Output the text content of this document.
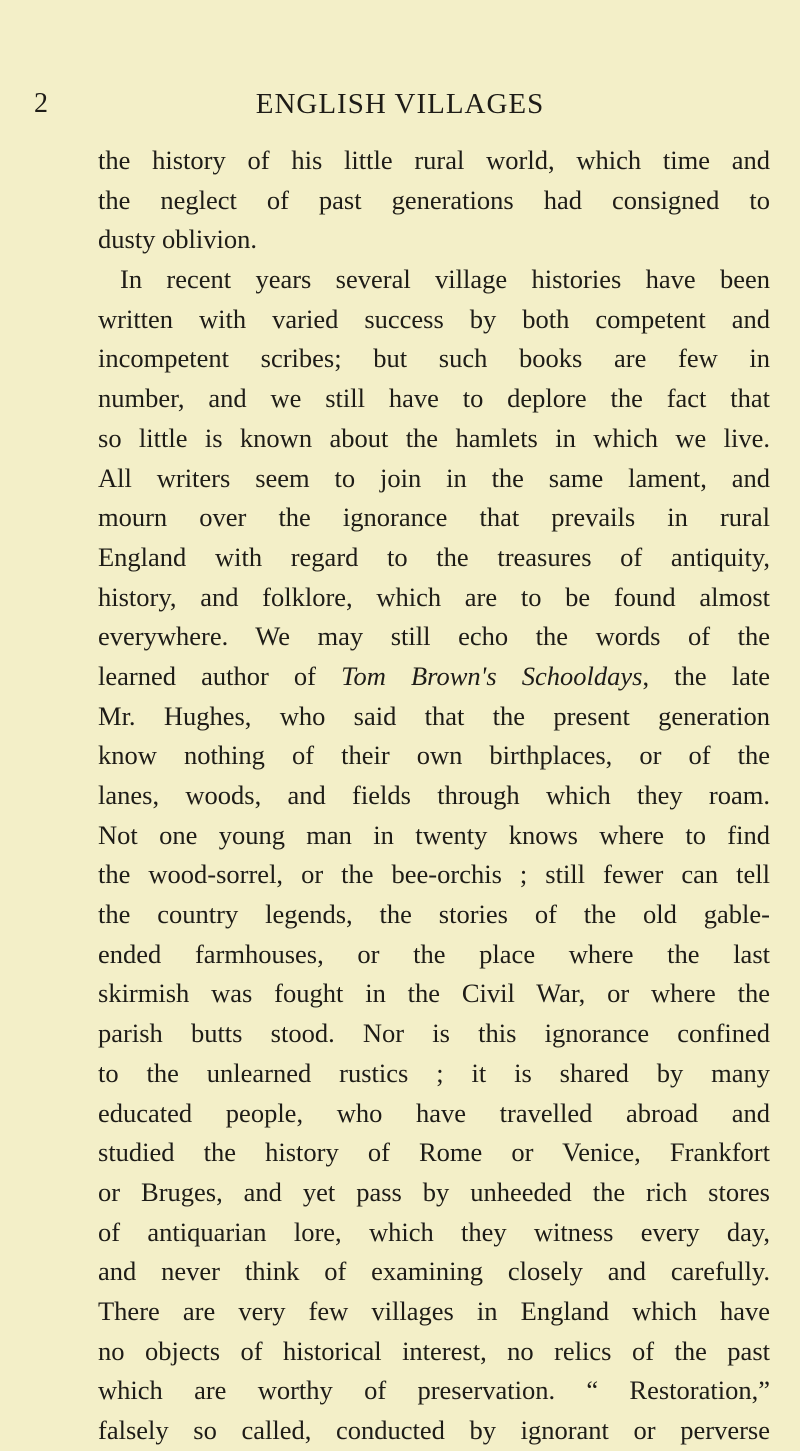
2	ENGLISH VILLAGES
the history of his little rural world, which time and
the neglect of past generations had consigned to
dusty oblivion.
In recent years several village histories have been
written with varied success by both competent and
incompetent scribes; but such books are few in
number, and we still have to deplore the fact that
so little is known about the hamlets in which we live.
All writers seem to join in the same lament, and
mourn over the ignorance that prevails in rural
England with regard to the treasures of antiquity,
history, and folklore, which are to be found almost
everywhere. We may still echo the words of the
learned author of Tom Brown's Schooldays, the late
Mr. Hughes, who said that the present generation
know nothing of their own birthplaces, or of the
lanes, woods, and fields through which they roam.
Not one young man in twenty knows where to find
the wood-sorrel, or the bee-orchis ; still fewer can tell
the country legends, the stories of the old gable-
ended farmhouses, or the place where the last
skirmish was fought in the Civil War, or where the
parish butts stood. Nor is this ignorance confined
to the unlearned rustics ; it is shared by many
educated people, who have travelled abroad and
studied the history of Rome or Venice, Frankfort
or Bruges, and yet pass by unheeded the rich stores
of antiquarian lore, which they witness every day,
and never think of examining closely and carefully.
There are very few villages in England which have
no objects of historical interest, no relics of the past
which are worthy of preservation. “ Restoration,”
falsely so called, conducted by ignorant or perverse
